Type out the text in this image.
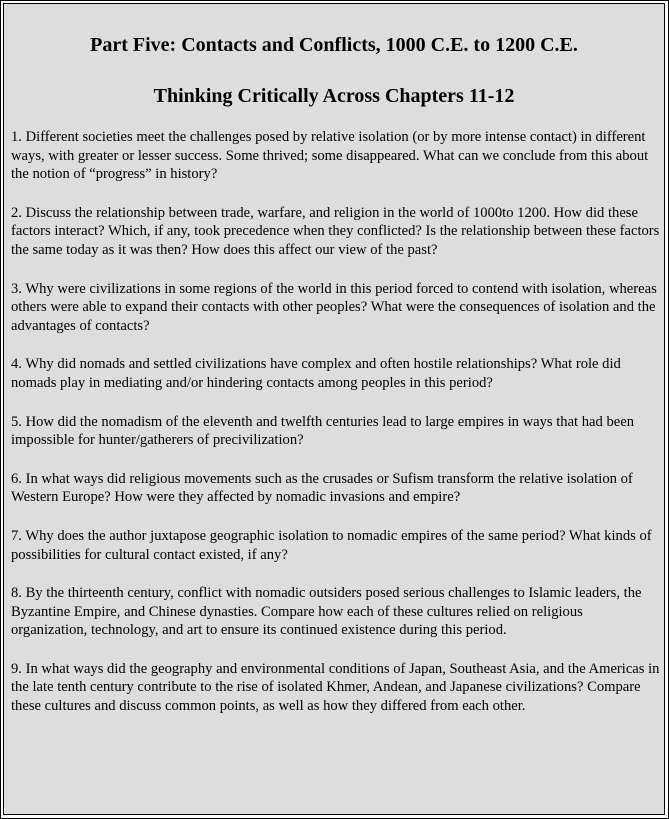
Part Five: Contacts and Conflicts, 1000 C.E. to 1200 C.E.
Thinking Critically Across Chapters 11-12
1. Different societies meet the challenges posed by relative isolation (or by more intense contact) in different ways, with greater or lesser success. Some thrived; some disappeared. What can we conclude from this about the notion of “progress” in history?
2. Discuss the relationship between trade, warfare, and religion in the world of 1000to 1200. How did these factors interact? Which, if any, took precedence when they conflicted? Is the relationship between these factors the same today as it was then? How does this affect our view of the past?
3. Why were civilizations in some regions of the world in this period forced to contend with isolation, whereas others were able to expand their contacts with other peoples? What were the consequences of isolation and the advantages of contacts?
4. Why did nomads and settled civilizations have complex and often hostile relationships? What role did nomads play in mediating and/or hindering contacts among peoples in this period?
5. How did the nomadism of the eleventh and twelfth centuries lead to large empires in ways that had been impossible for hunter/gatherers of precivilization?
6. In what ways did religious movements such as the crusades or Sufism transform the relative isolation of Western Europe? How were they affected by nomadic invasions and empire?
7. Why does the author juxtapose geographic isolation to nomadic empires of the same period? What kinds of possibilities for cultural contact existed, if any?
8. By the thirteenth century, conflict with nomadic outsiders posed serious challenges to Islamic leaders, the Byzantine Empire, and Chinese dynasties. Compare how each of these cultures relied on religious organization, technology, and art to ensure its continued existence during this period.
9. In what ways did the geography and environmental conditions of Japan, Southeast Asia, and the Americas in the late tenth century contribute to the rise of isolated Khmer, Andean, and Japanese civilizations? Compare these cultures and discuss common points, as well as how they differed from each other.
